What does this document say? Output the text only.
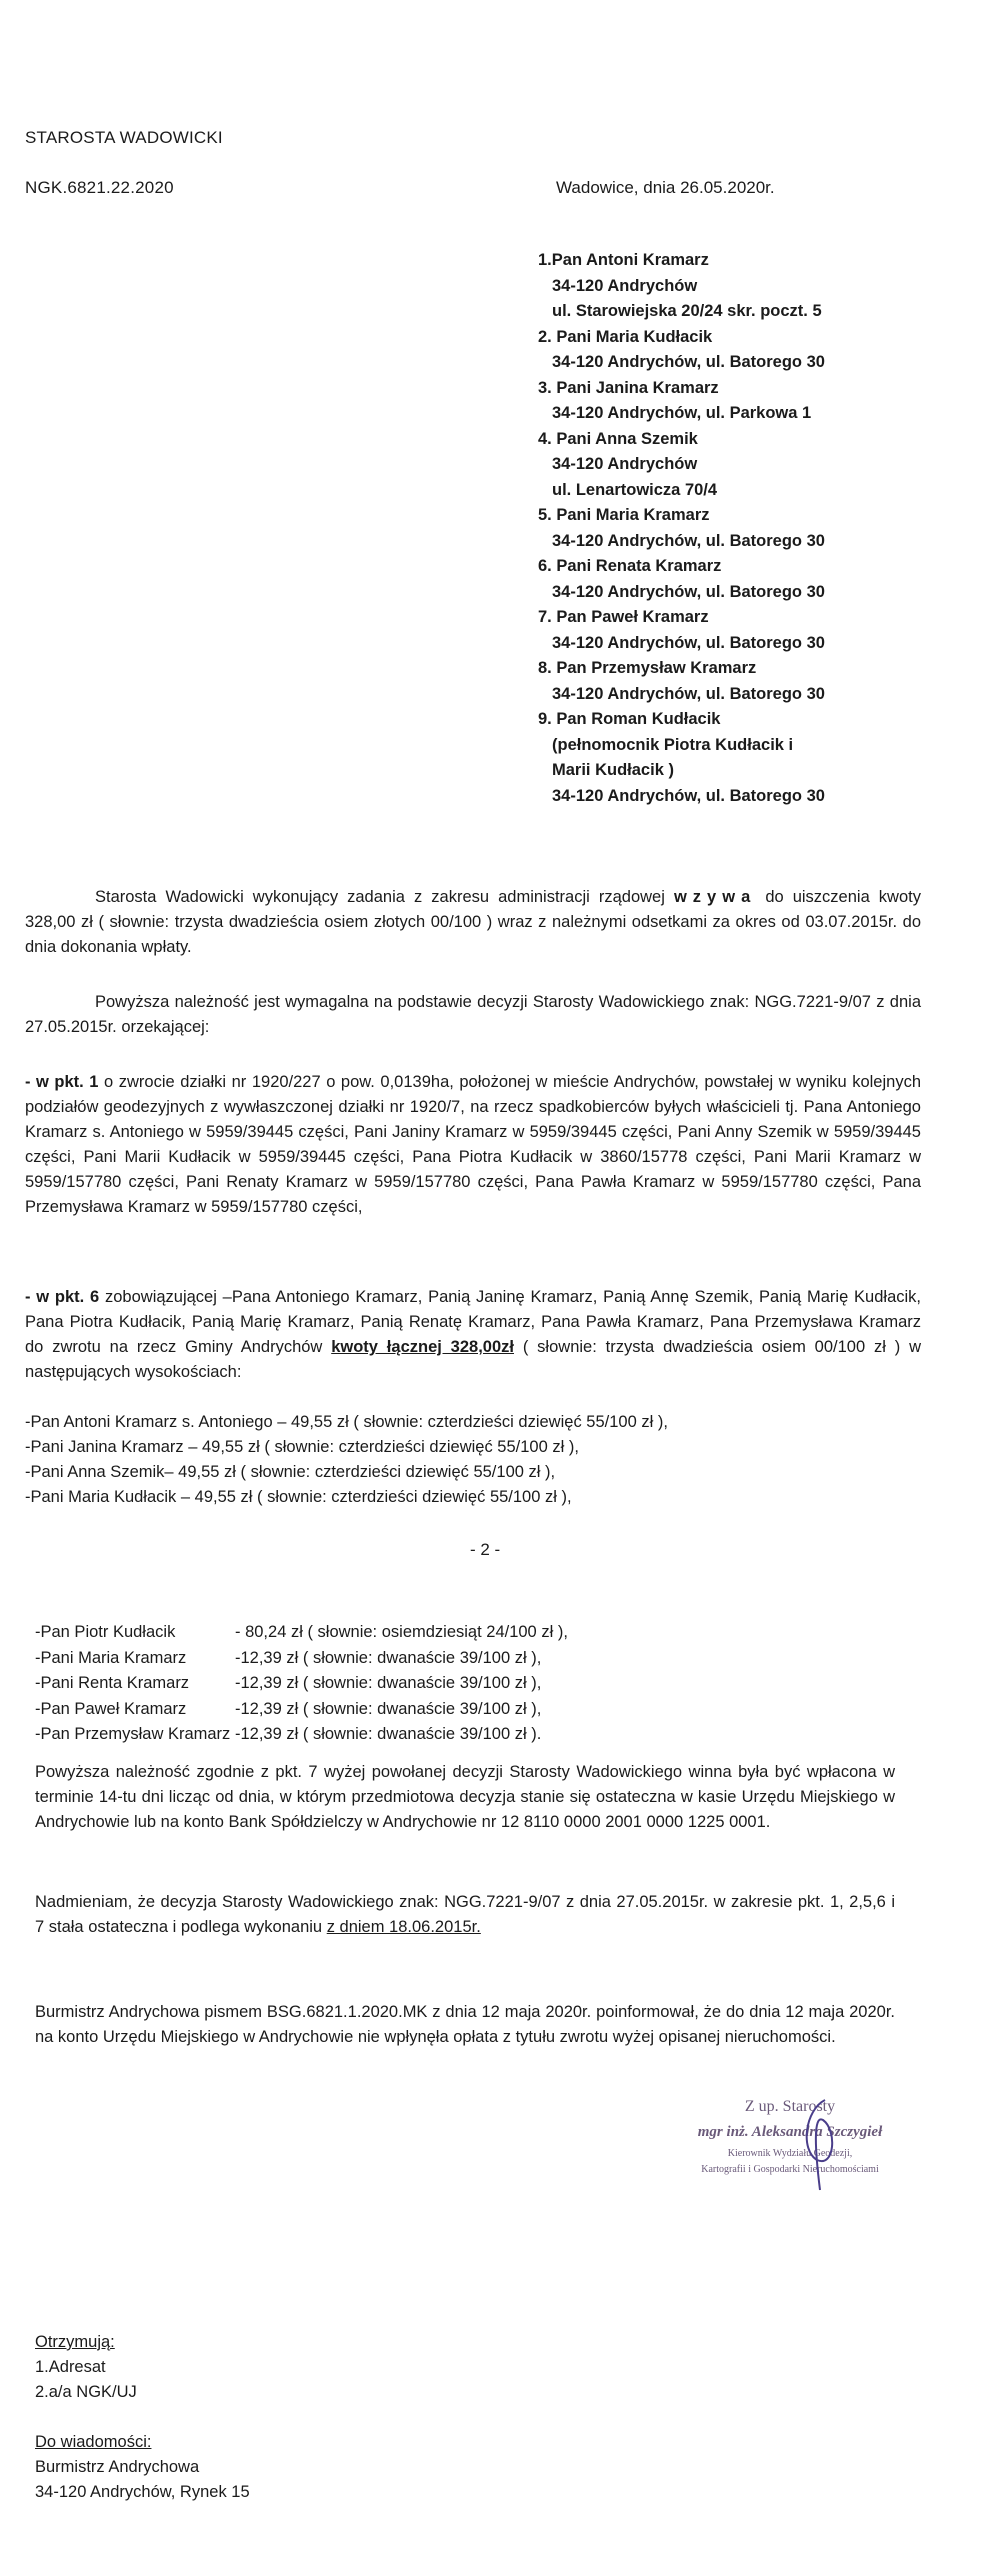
STAROSTA WADOWICKI
NGK.6821.22.2020	Wadowice, dnia 26.05.2020r.
1.Pan Antoni Kramarz
34-120 Andrychów
ul. Starowiejska 20/24 skr. poczt. 5
2. Pani Maria Kudłacik
34-120 Andrychów, ul. Batorego 30
3. Pani Janina Kramarz
34-120 Andrychów, ul. Parkowa 1
4. Pani Anna Szemik
34-120 Andrychów
ul. Lenartowicza 70/4
5. Pani Maria Kramarz
34-120 Andrychów, ul. Batorego 30
6. Pani Renata Kramarz
34-120 Andrychów, ul. Batorego 30
7. Pan Paweł Kramarz
34-120 Andrychów, ul. Batorego 30
8. Pan Przemysław Kramarz
34-120 Andrychów, ul. Batorego 30
9. Pan Roman Kudłacik
(pełnomocnik Piotra Kudłacik i
Marii Kudłacik )
34-120 Andrychów, ul. Batorego 30

Starosta Wadowicki wykonujący zadania z zakresu administracji rządowej wzywa do uiszczenia kwoty 328,00 zł ( słownie: trzysta dwadzieścia osiem złotych 00/100 ) wraz z należnymi odsetkami za okres od 03.07.2015r. do dnia dokonania wpłaty.

Powyższa należność jest wymagalna na podstawie decyzji Starosty Wadowickiego znak: NGG.7221-9/07 z dnia 27.05.2015r. orzekającej:

- w pkt. 1 o zwrocie działki nr 1920/227 o pow. 0,0139ha, położonej w mieście Andrychów, powstałej w wyniku kolejnych podziałów geodezyjnych z wywłaszczonej działki nr 1920/7, na rzecz spadkobierców byłych właścicieli tj. Pana Antoniego Kramarz s. Antoniego w 5959/39445 części, Pani Janiny Kramarz w 5959/39445 części, Pani Anny Szemik w 5959/39445 części, Pani Marii Kudłacik w 5959/39445 części, Pana Piotra Kudłacik w 3860/15778 części, Pani Marii Kramarz w 5959/157780 części, Pani Renaty Kramarz w 5959/157780 części, Pana Pawła Kramarz w 5959/157780 części, Pana Przemysława Kramarz w 5959/157780 części,

- w pkt. 6 zobowiązującej –Pana Antoniego Kramarz, Panią Janinę Kramarz, Panią Annę Szemik, Panią Marię Kudłacik, Pana Piotra Kudłacik, Panią Marię Kramarz, Panią Renatę Kramarz, Pana Pawła Kramarz, Pana Przemysława Kramarz do zwrotu na rzecz Gminy Andrychów kwoty łącznej 328,00zł ( słownie: trzysta dwadzieścia osiem 00/100 zł ) w następujących wysokościach:

-Pan Antoni Kramarz s. Antoniego – 49,55 zł ( słownie: czterdzieści dziewięć 55/100 zł ),
-Pani Janina Kramarz – 49,55 zł ( słownie: czterdzieści dziewięć 55/100 zł ),
-Pani Anna Szemik– 49,55 zł ( słownie: czterdzieści dziewięć 55/100 zł ),
-Pani Maria Kudłacik – 49,55 zł ( słownie: czterdzieści dziewięć 55/100 zł ),
- 2 -
-Pan Piotr Kudłacik	- 80,24 zł ( słownie: osiemdziesiąt 24/100 zł ),
-Pani Maria Kramarz	-12,39 zł ( słownie: dwanaście 39/100 zł ),
-Pani Renta Kramarz	-12,39 zł ( słownie: dwanaście 39/100 zł ),
-Pan Paweł Kramarz	-12,39 zł ( słownie: dwanaście 39/100 zł ),
-Pan Przemysław Kramarz -12,39 zł ( słownie: dwanaście 39/100 zł ).

Powyższa należność zgodnie z pkt. 7 wyżej powołanej decyzji Starosty Wadowickiego winna była być wpłacona w terminie 14-tu dni licząc od dnia, w którym przedmiotowa decyzja stanie się ostateczna w kasie Urzędu Miejskiego w Andrychowie lub na konto Bank Spółdzielczy w Andrychowie nr 12 8110 0000 2001 0000 1225 0001.

Nadmieniam, że decyzja Starosty Wadowickiego znak: NGG.7221-9/07 z dnia 27.05.2015r. w zakresie pkt. 1, 2,5,6 i 7 stała ostateczna i podlega wykonaniu z dniem 18.06.2015r.

Burmistrz Andrychowa pismem BSG.6821.1.2020.MK z dnia 12 maja 2020r. poinformował, że do dnia 12 maja 2020r. na konto Urzędu Miejskiego w Andrychowie nie wpłynęła opłata z tytułu zwrotu wyżej opisanej nieruchomości.

Z up. Starosty
mgr inż. Aleksandra Szczygieł
Kierownik Wydziału Geodezji,
Kartografii i Gospodarki Nieruchomościami
Otrzymują:
1.Adresat
2.a/a NGK/UJ
Do wiadomości:
Burmistrz Andrychowa
34-120 Andrychów, Rynek 15
